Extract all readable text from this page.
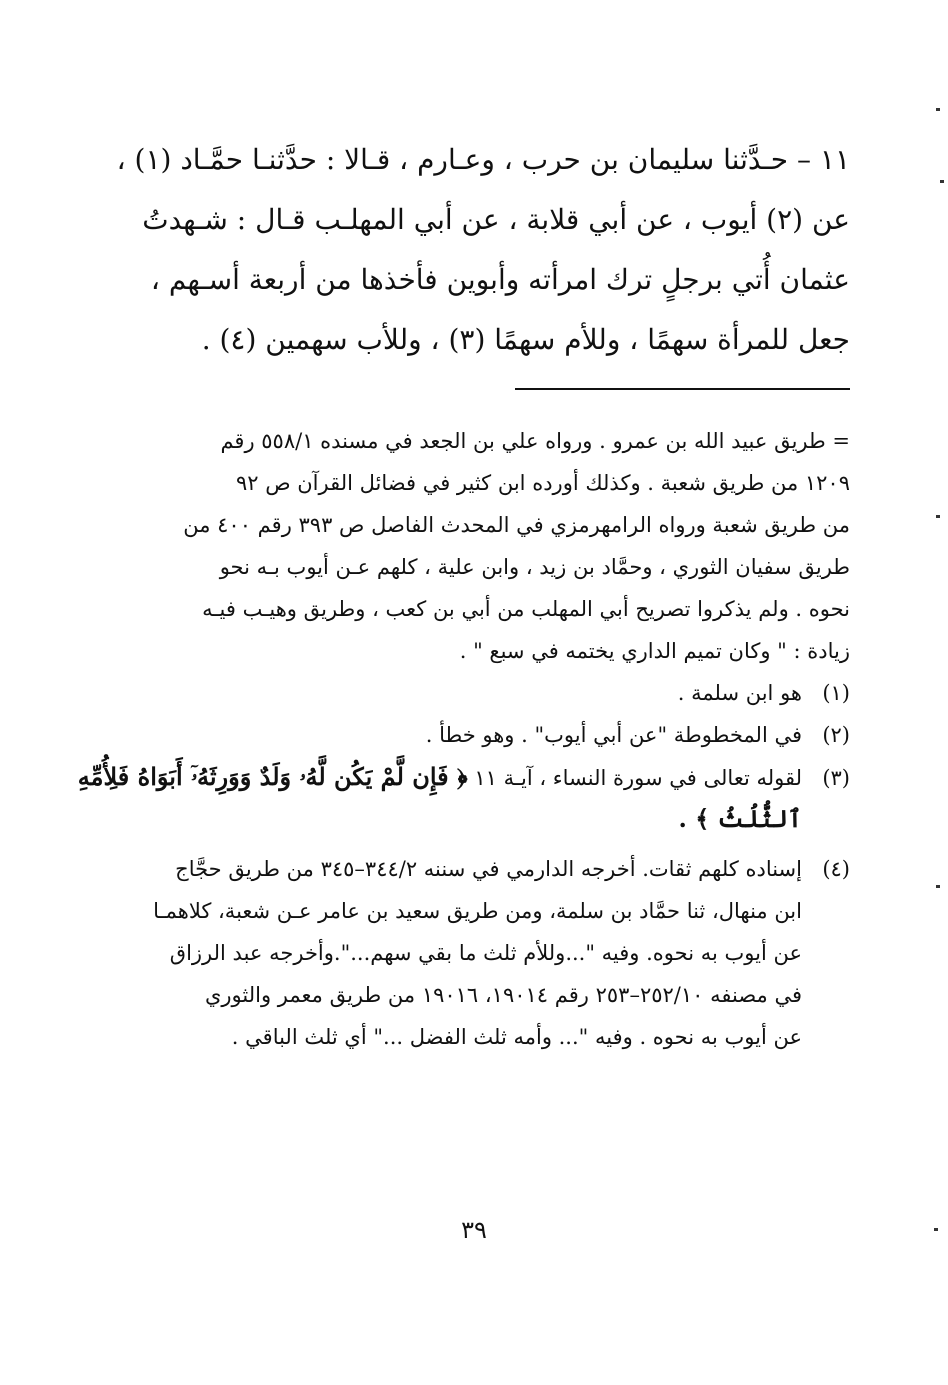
١١ – حـدَّثنا سليمان بن حرب ، وعـارم ، قـالا : حدَّثنـا حمَّـاد (١) ،
عن (٢) أيوب ، عن أبي قلابة ، عن أبي المهلـب قـال : شـهدتُ
عثمان أُتي برجلٍ ترك امرأته وأبوين فأخذها من أربعة أسـهم ،
جعل للمرأة سهمًا ، وللأم سهمًا (٣) ، وللأب سهمين (٤) .
= طريق عبيد الله بن عمرو . ورواه علي بن الجعد في مسنده ٥٥٨/١ رقم
١٢٠٩ من طريق شعبة . وكذلك أورده ابن كثير في فضائل القرآن ص ٩٢
من طريق شعبة ورواه الرامهرمزي في المحدث الفاصل ص ٣٩٣ رقم ٤٠٠ من
طريق سفيان الثوري ، وحمَّاد بن زيد ، وابن علية ، كلهم عـن أيوب بـه نحو
نحوه . ولم يذكروا تصريح أبي المهلب من أبي بن كعب ، وطريق وهيـب فيـه
زيادة : " وكان تميم الداري يختمه في سبع " .
(١)هو ابن سلمة .
(٢)في المخطوطة "عن أبي أيوب" . وهو خطأ .
(٣)لقوله تعالى في سورة النساء ، آيـة ١١ ﴿ فَإِن لَّمْ يَكُن لَّهُۥ وَلَدٌ وَوَرِثَهُۥٓ أَبَوَاهُ فَلِأُمِّهِ
ٱلثُّلُثُ ﴾ .
(٤)إسناده كلهم ثقات. أخرجه الدارمي في سننه ٣٤٤/٢–٣٤٥ من طريق حجَّاج
ابن منهال، ثنا حمَّاد بن سلمة، ومن طريق سعيد بن عامر عـن شعبة، كلاهمـا
عن أيوب به نحوه. وفيه "...وللأم ثلث ما بقي سهم...".وأخرجه عبد الرزاق
في مصنفه ٢٥٢/١٠–٢٥٣ رقم ١٩٠١٤، ١٩٠١٦ من طريق معمر والثوري
عن أيوب به نحوه . وفيه "... وأمه ثلث الفضل ..." أي ثلث الباقي .
٣٩
